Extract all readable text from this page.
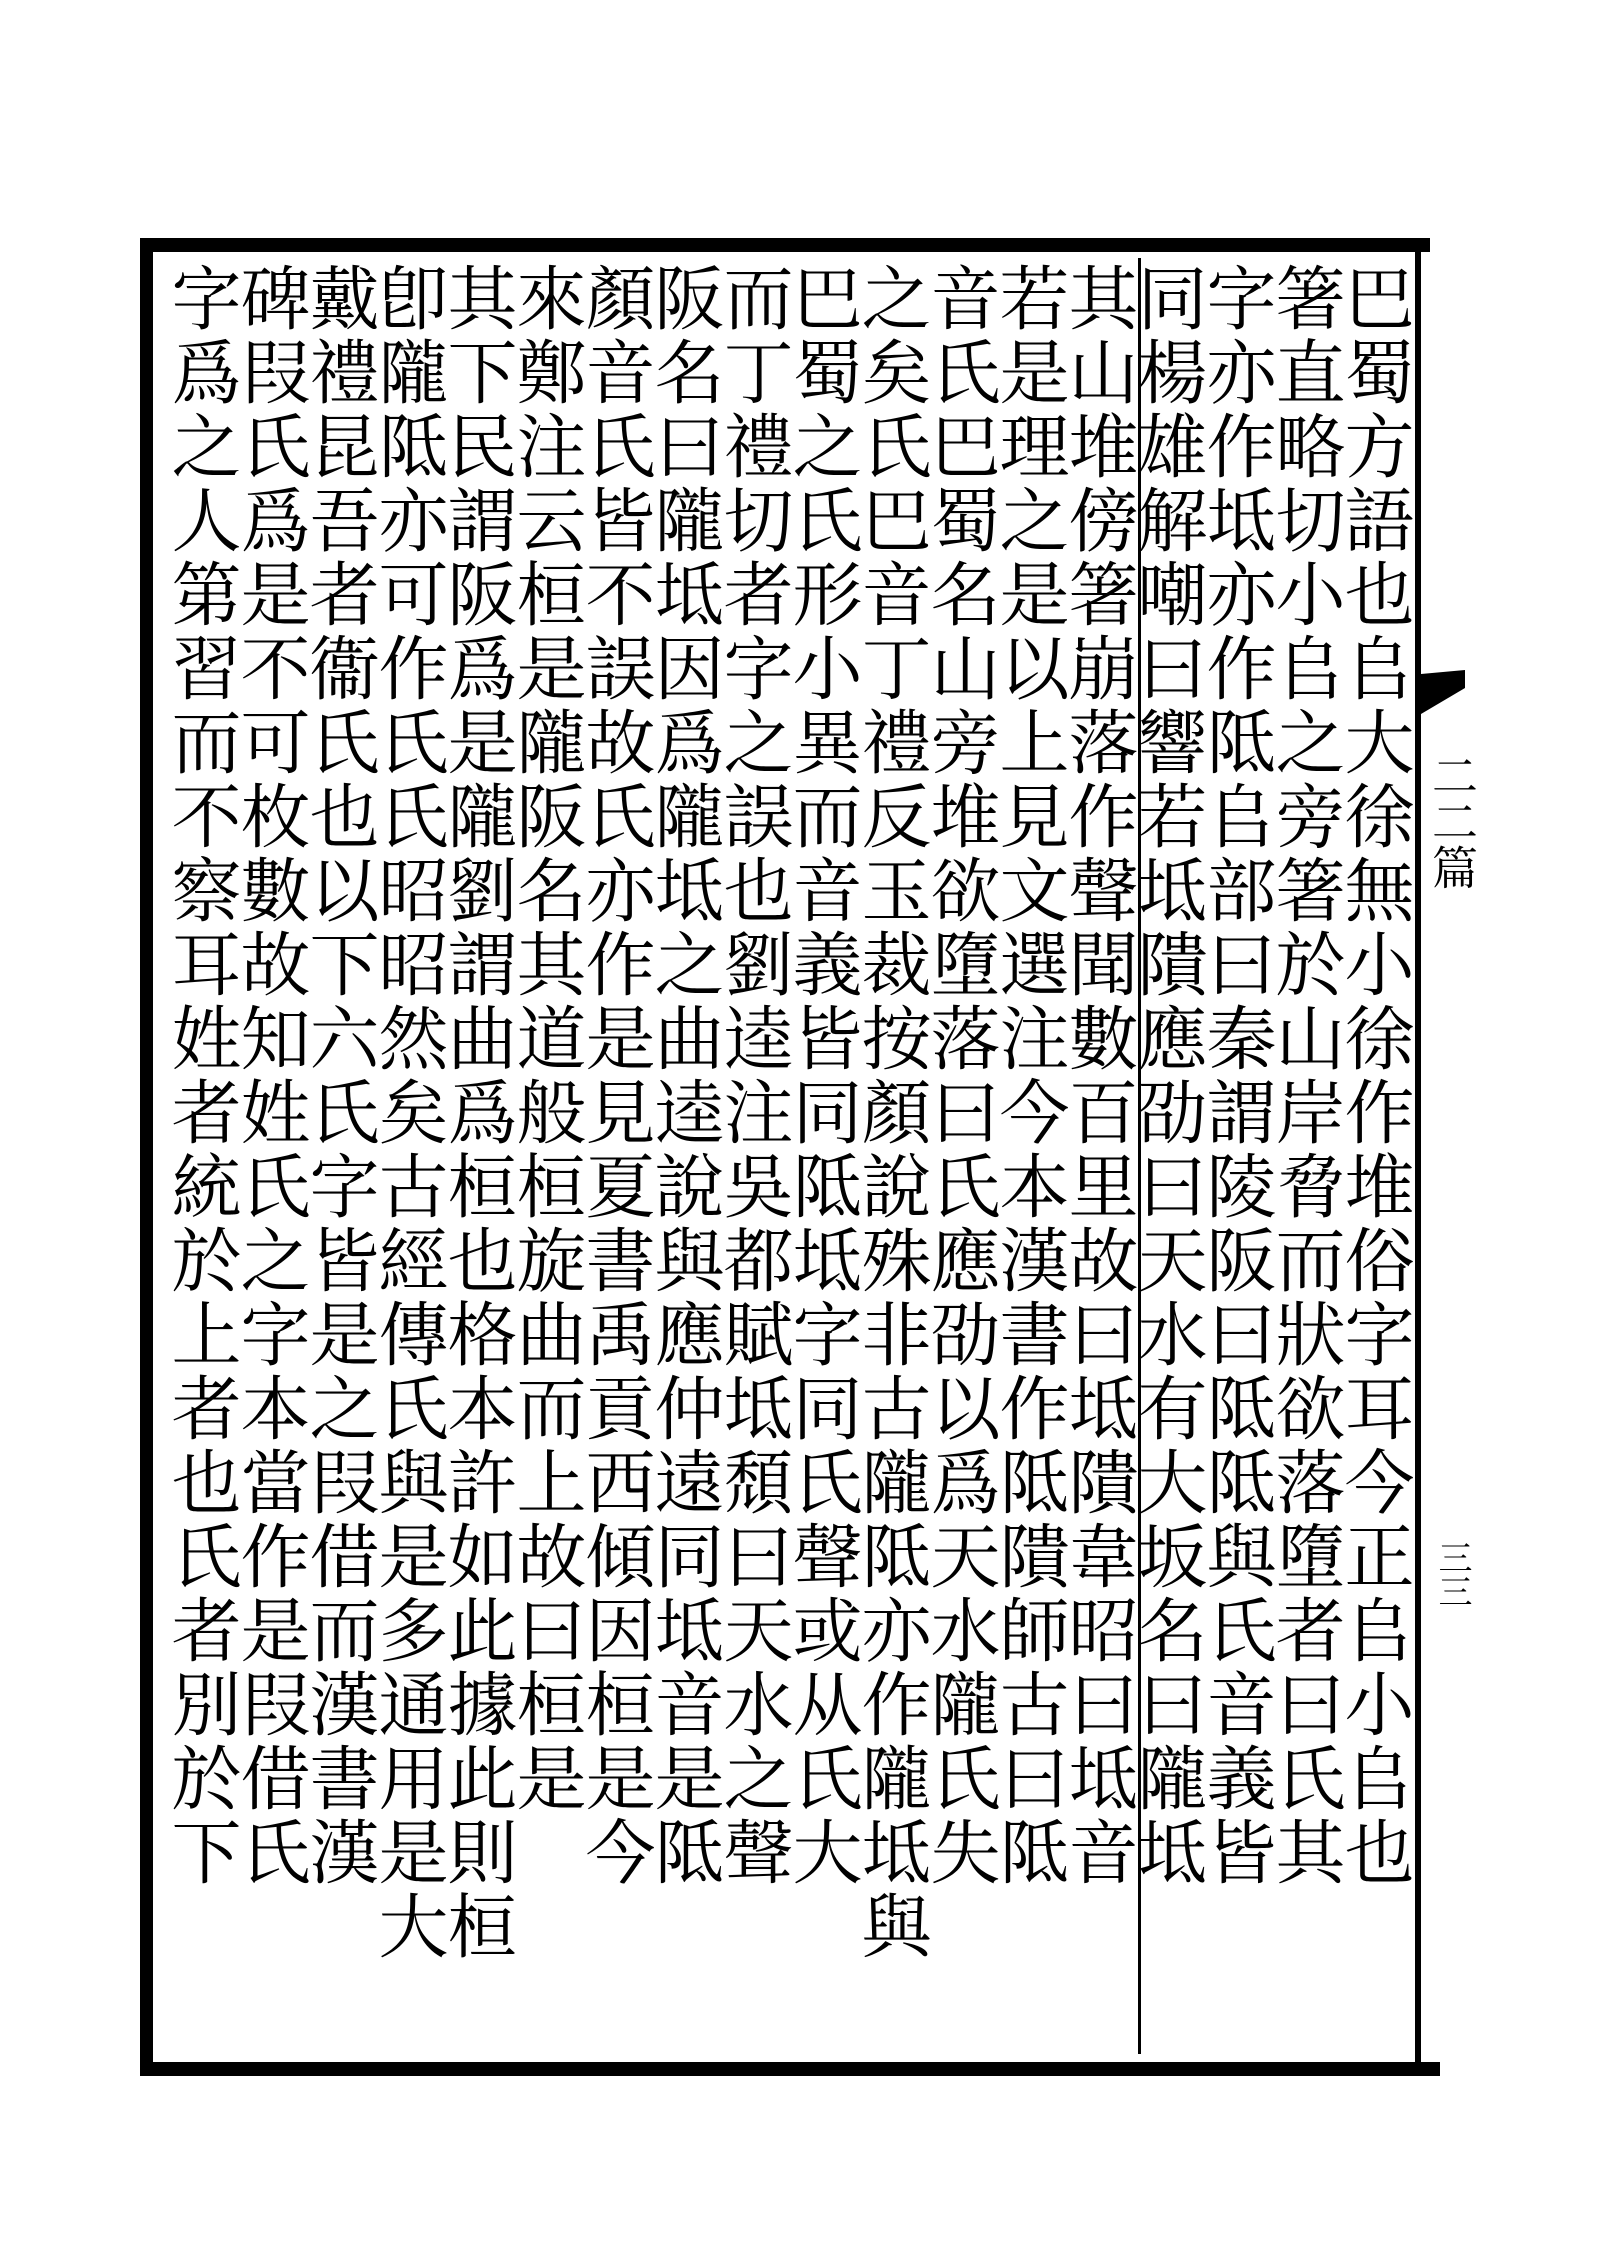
二二篇
三三
巴蜀方語也𠂤大徐無小徐作堆俗字耳今正𠂤小𠂤也
箸直略切小𠂤之旁箸於山岸脅而狀欲落墮者曰氏其
字亦作坻亦作阺𠂤部曰秦謂陵阪曰阺阺與氏音義皆
同楊雄解嘲曰響若坻隤應劭曰天水有大坂名曰隴坻
其山堆傍箸崩落作聲聞數百里故曰坻隤韋昭曰坻音
若是理之是以上見文選注今本漢書作阺隤師古曰阺
音氏巴蜀名山旁堆欲墮落曰氏應劭以爲天水隴氏失
之矣氏巴音丁禮反玉裁按顏說殊非古隴阺亦作隴坻與
巴蜀之氏形小異而音義皆同阺坻字同氏聲或从氏大
而丁禮切者字之誤也劉逵注吳都賦坻頹曰天水之聲
阪名曰隴坻因爲隴坻之曲逵說與應仲遠同坻音是阺
顏音氏皆不誤故氏亦作是見夏書禹貢西傾因桓是今
來鄭注云桓是隴阪名其道般桓旋曲而上故曰桓是
其下民謂阪爲是隴劉謂曲爲桓也格本許如此據此則桓
卽隴阺亦可作氏氏昭昭然矣古經傳氏與是多通用是大
戴禮昆吾者衞氏也以下六氏字皆是之叚借而漢書漢
碑叚氏爲是不可枚數故知姓氏之字本當作是叚借氏
字爲之人第習而不察耳姓者統於上者也氏者別於下
